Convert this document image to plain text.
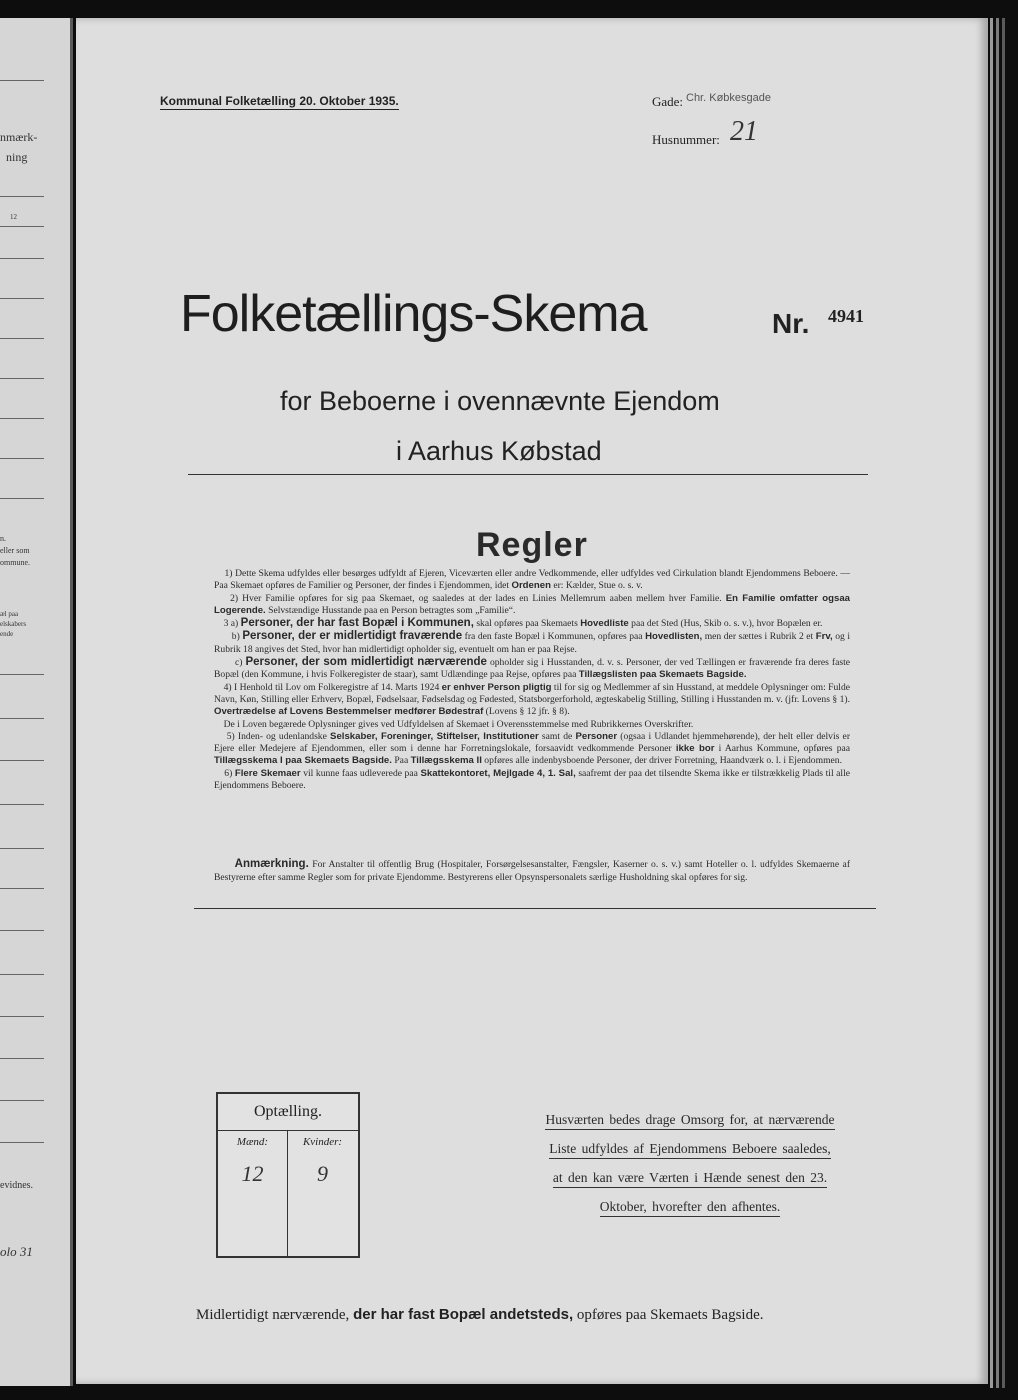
nmærk-
ning
12
n.
eller som
ommune.
æl paa
elskabers
ende
evidnes.
olo 31
Kommunal Folketælling 20. Oktober 1935.	Gade: Chr. Købkesgade
Husnummer: 21
Folketællings-Skema	Nr. 4941
for Beboerne i ovennævnte Ejendom
i Aarhus Købstad
Regler

1) Dette Skema udfyldes eller besørges udfyldt af Ejeren, Viceværten eller andre Vedkommende, eller udfyldes ved Cirkulation blandt Ejendommens Beboere. — Paa Skemaet opføres de Familier og Personer, der findes i Ejendommen, idet Ordenen er: Kælder, Stue o. s. v.

2) Hver Familie opføres for sig paa Skemaet, og saaledes at der lades en Linies Mellemrum aaben mellem hver Familie. En Familie omfatter ogsaa Logerende. Selvstændige Husstande paa en Person betragtes som „Familie“.

3 a) Personer, der har fast Bopæl i Kommunen, skal opføres paa Skemaets Hovedliste paa det Sted (Hus, Skib o. s. v.), hvor Bopælen er.

b) Personer, der er midlertidigt fraværende fra den faste Bopæl i Kommunen, opføres paa Hovedlisten, men der sættes i Rubrik 2 et Frv, og i Rubrik 18 angives det Sted, hvor han midlertidigt opholder sig, eventuelt om han er paa Rejse.

c) Personer, der som midlertidigt nærværende opholder sig i Husstanden, d. v. s. Personer, der ved Tællingen er fraværende fra deres faste Bopæl (den Kommune, i hvis Folkeregister de staar), samt Udlændinge paa Rejse, opføres paa Tillægslisten paa Skemaets Bagside.

4) I Henhold til Lov om Folkeregistre af 14. Marts 1924 er enhver Person pligtig til for sig og Medlemmer af sin Husstand, at meddele Oplysninger om: Fulde Navn, Køn, Stilling eller Erhverv, Bopæl, Fødselsaar, Fødselsdag og Fødested, Statsborgerforhold, ægteskabelig Stilling, Stilling i Husstanden m. v. (jfr. Lovens § 1). Overtrædelse af Lovens Bestemmelser medfører Bødestraf (Lovens § 12 jfr. § 8).

De i Loven begærede Oplysninger gives ved Udfyldelsen af Skemaet i Overensstemmelse med Rubrikkernes Overskrifter.

5) Inden- og udenlandske Selskaber, Foreninger, Stiftelser, Institutioner samt de Personer (ogsaa i Udlandet hjemmehørende), der helt eller delvis er Ejere eller Medejere af Ejendommen, eller som i denne har Forretningslokale, forsaavidt vedkommende Personer ikke bor i Aarhus Kommune, opføres paa Tillægsskema I paa Skemaets Bagside. Paa Tillægsskema II opføres alle indenbysboende Personer, der driver Forretning, Haandværk o. l. i Ejendommen.

6) Flere Skemaer vil kunne faas udleverede paa Skattekontoret, Mejlgade 4, 1. Sal, saafremt der paa det tilsendte Skema ikke er tilstrækkelig Plads til alle Ejendommens Beboere.

Anmærkning. For Anstalter til offentlig Brug (Hospitaler, Forsørgelsesanstalter, Fængsler, Kaserner o. s. v.) samt Hoteller o. l. udfyldes Skemaerne af Bestyrerne efter samme Regler som for private Ejendomme. Bestyrerens eller Opsynspersonalets særlige Husholdning skal opføres for sig.
Optælling.
Mænd:
12
Kvinder:
9
Husværten bedes drage Omsorg for, at nærværende
Liste udfyldes af Ejendommens Beboere saaledes,
at den kan være Værten i Hænde senest den 23.
Oktober, hvorefter den afhentes.
Midlertidigt nærværende, der har fast Bopæl andetsteds, opføres paa Skemaets Bagside.
